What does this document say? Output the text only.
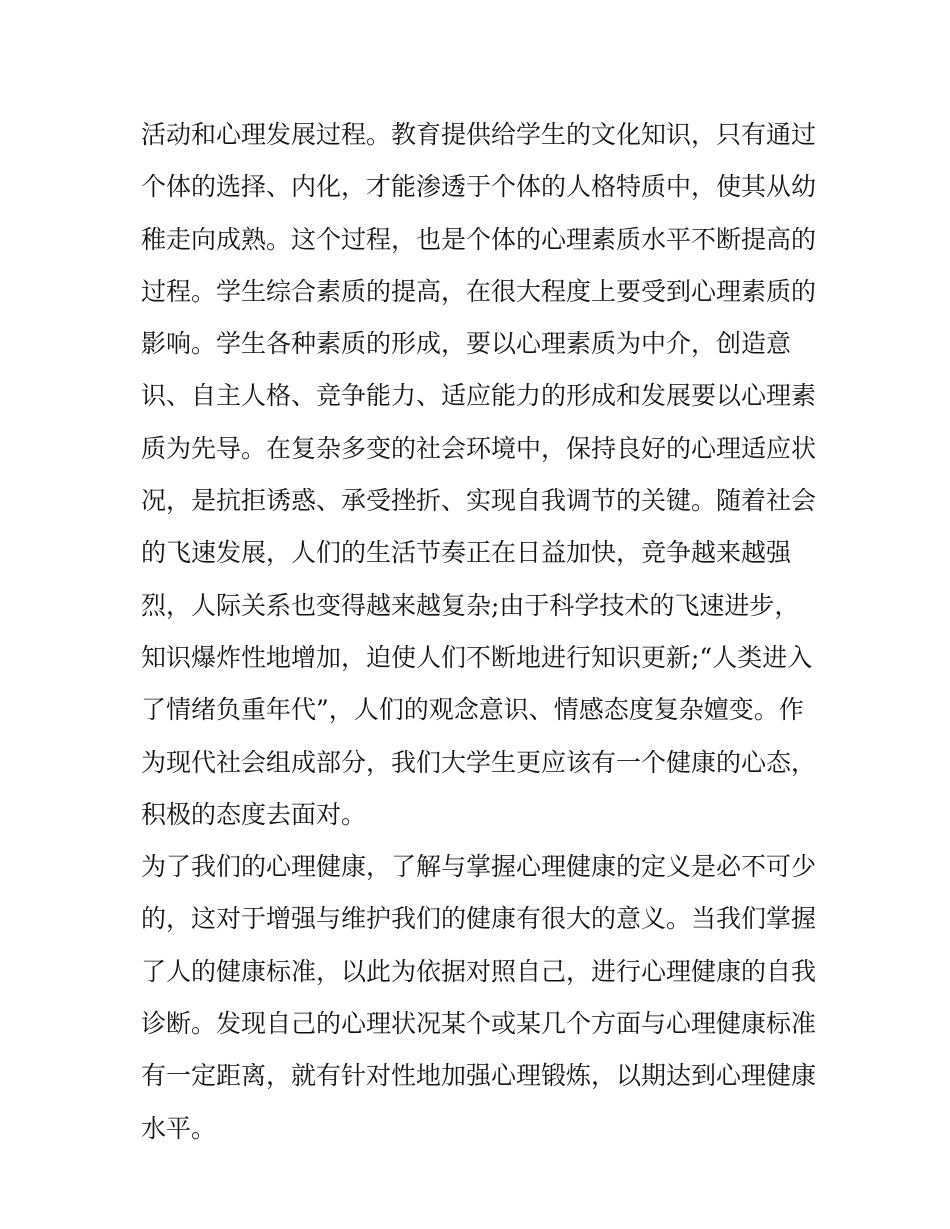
活动和心理发展过程。教育提供给学生的文化知识，只有通过
个体的选择、内化，才能渗透于个体的人格特质中，使其从幼
稚走向成熟。这个过程，也是个体的心理素质水平不断提高的
过程。学生综合素质的提高，在很大程度上要受到心理素质的
影响。学生各种素质的形成，要以心理素质为中介，创造意
识、自主人格、竞争能力、适应能力的形成和发展要以心理素
质为先导。在复杂多变的社会环境中，保持良好的心理适应状
况，是抗拒诱惑、承受挫折、实现自我调节的关键。随着社会
的飞速发展，人们的生活节奏正在日益加快，竞争越来越强
烈，人际关系也变得越来越复杂;由于科学技术的飞速进步，
知识爆炸性地增加，迫使人们不断地进行知识更新;“人类进入
了情绪负重年代”，人们的观念意识、情感态度复杂嬗变。作
为现代社会组成部分，我们大学生更应该有一个健康的心态，
积极的态度去面对。
为了我们的心理健康，了解与掌握心理健康的定义是必不可少
的，这对于增强与维护我们的健康有很大的意义。当我们掌握
了人的健康标准，以此为依据对照自己，进行心理健康的自我
诊断。发现自己的心理状况某个或某几个方面与心理健康标准
有一定距离，就有针对性地加强心理锻炼，以期达到心理健康
水平。
